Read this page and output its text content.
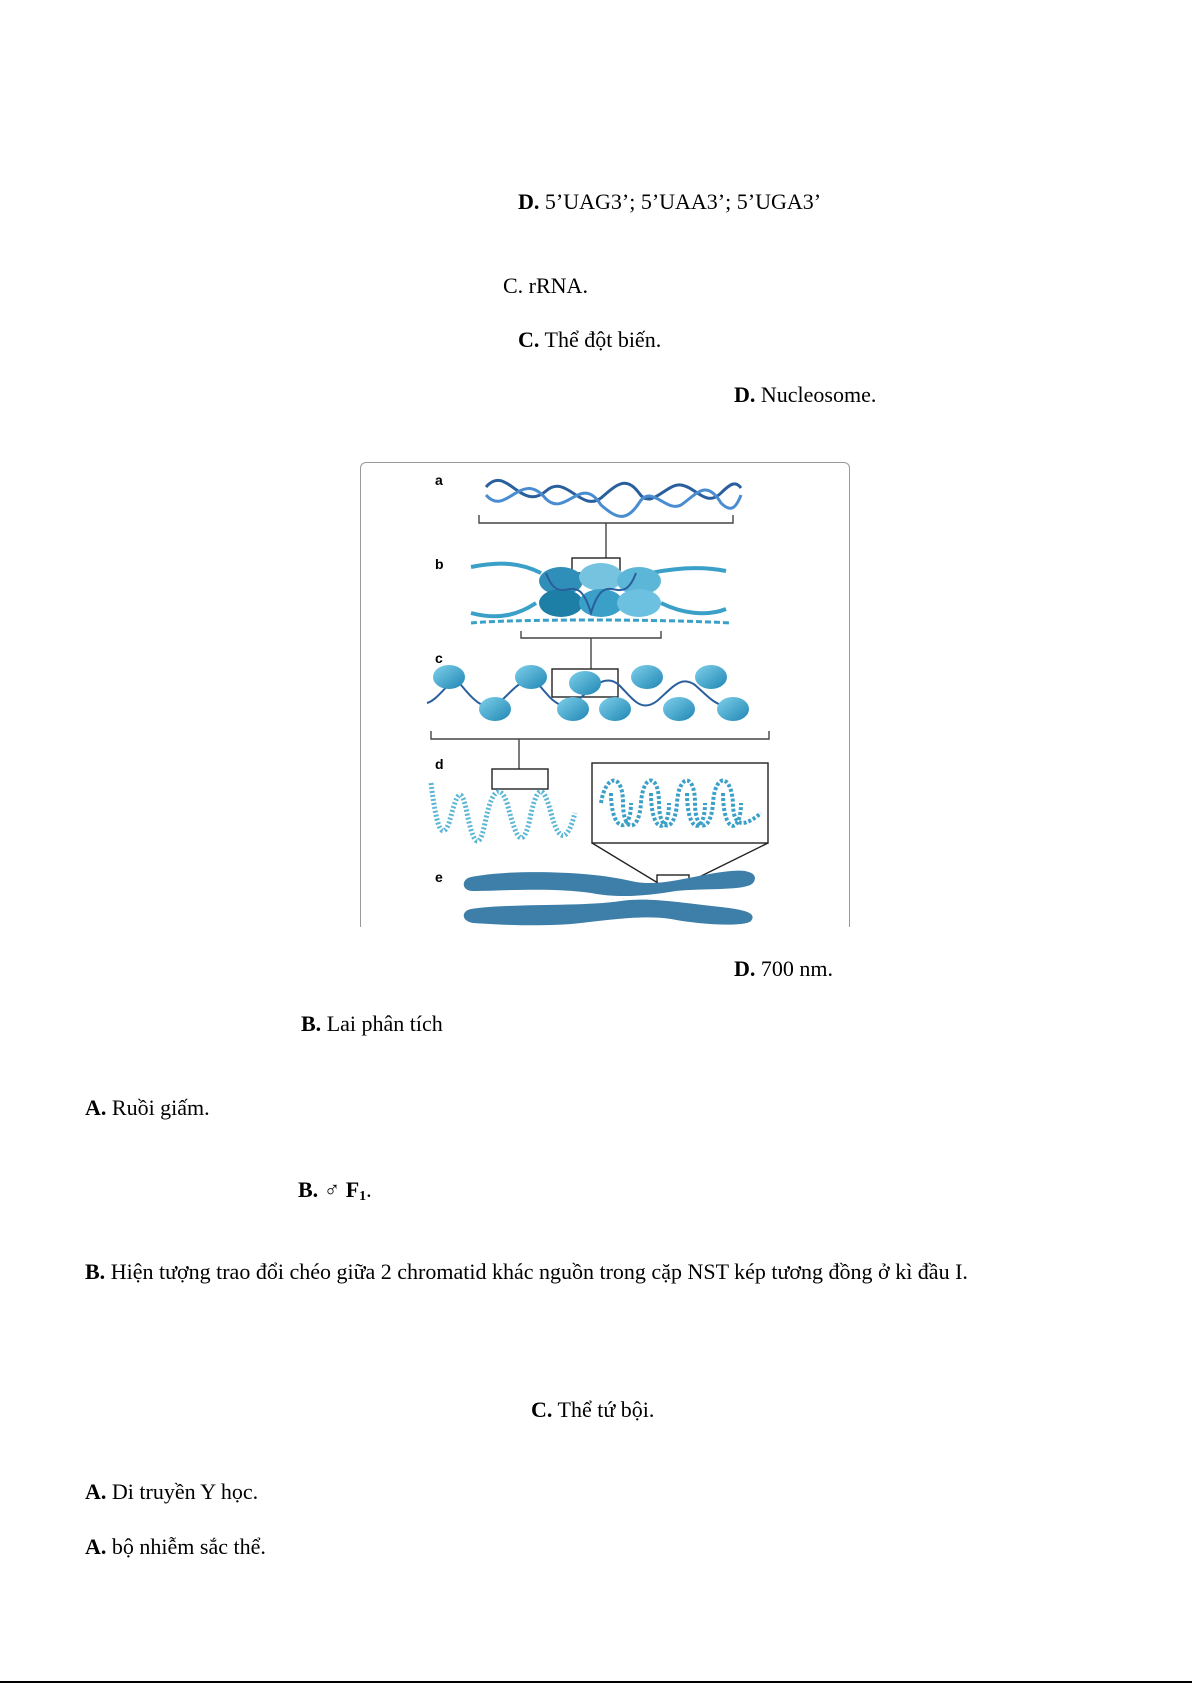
D. 5’UAG3’; 5’UAA3’; 5’UGA3’
C. rRNA.
C. Thể đột biến.
D. Nucleosome.
a
b
c
d
e
D. 700 nm.
B. Lai phân tích
A. Ruồi giấm.
B. ♂ $F_1$.
B. Hiện tượng trao đổi chéo giữa 2 chromatid khác nguồn trong cặp NST kép tương đồng ở kì đầu I.
C. Thể tứ bội.
A. Di truyền Y học.
A. bộ nhiễm sắc thể.
